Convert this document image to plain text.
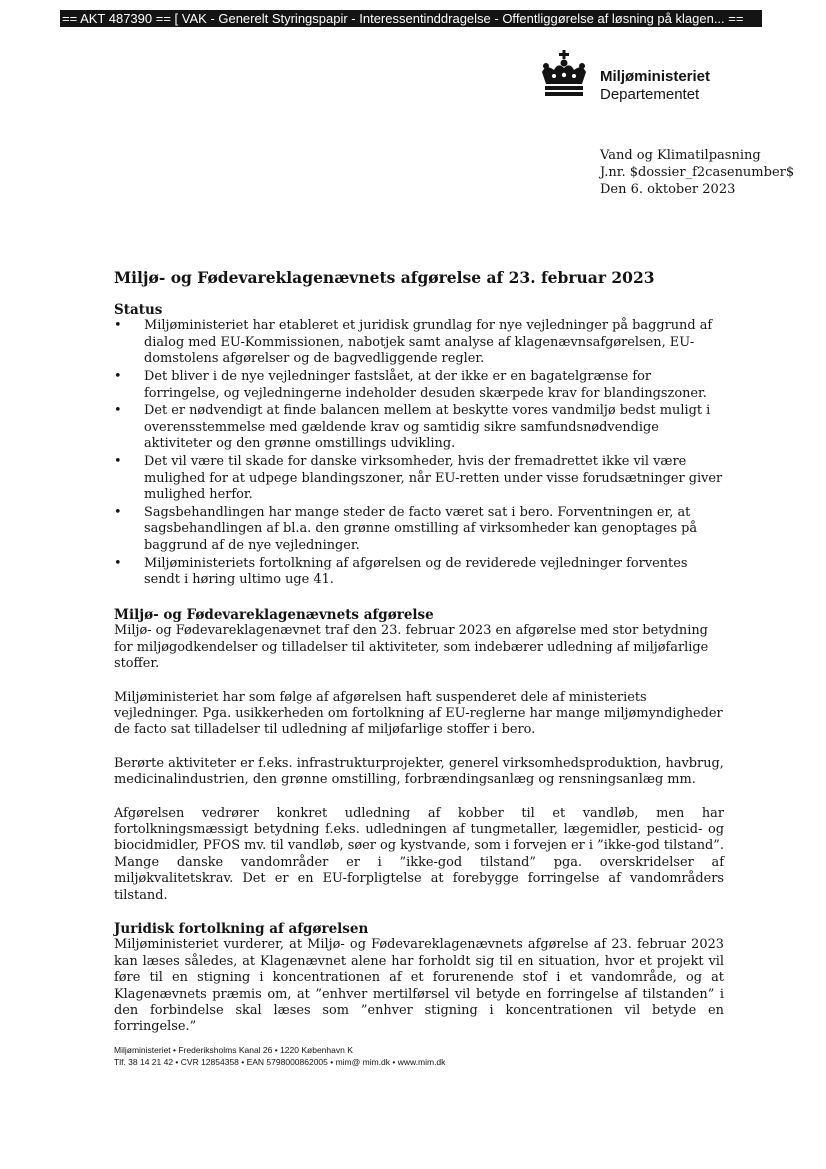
== AKT 487390 == [ VAK - Generelt Styringspapir - Interessentinddragelse - Offentliggørelse af løsning på klagen... ==
Miljøministeriet
Departementet
Vand og Klimatilpasning
J.nr. $dossier_f2casenumber$
Den 6. oktober 2023
Miljø- og Fødevareklagenævnets afgørelse af 23. februar 2023
Status
• Miljøministeriet har etableret et juridisk grundlag for nye vejledninger på baggrund af dialog med EU-Kommissionen, nabotjek samt analyse af klagenævnsafgørelsen, EU-domstolens afgørelser og de bagvedliggende regler.
• Det bliver i de nye vejledninger fastslået, at der ikke er en bagatelgrænse for forringelse, og vejledningerne indeholder desuden skærpede krav for blandingszoner.
• Det er nødvendigt at finde balancen mellem at beskytte vores vandmiljø bedst muligt i overensstemmelse med gældende krav og samtidig sikre samfundsnødvendige aktiviteter og den grønne omstillings udvikling.
• Det vil være til skade for danske virksomheder, hvis der fremadrettet ikke vil være mulighed for at udpege blandingszoner, når EU-retten under visse forudsætninger giver mulighed herfor.
• Sagsbehandlingen har mange steder de facto været sat i bero. Forventningen er, at sagsbehandlingen af bl.a. den grønne omstilling af virksomheder kan genoptages på baggrund af de nye vejledninger.
• Miljøministeriets fortolkning af afgørelsen og de reviderede vejledninger forventes sendt i høring ultimo uge 41.
Miljø- og Fødevareklagenævnets afgørelse

Miljø- og Fødevareklagenævnet traf den 23. februar 2023 en afgørelse med stor betydning for miljøgodkendelser og tilladelser til aktiviteter, som indebærer udledning af miljøfarlige stoffer.

Miljøministeriet har som følge af afgørelsen haft suspenderet dele af ministeriets vejledninger. Pga. usikkerheden om fortolkning af EU-reglerne har mange miljømyndigheder de facto sat tilladelser til udledning af miljøfarlige stoffer i bero.

Berørte aktiviteter er f.eks. infrastrukturprojekter, generel virksomhedsproduktion, havbrug, medicinalindustrien, den grønne omstilling, forbrændingsanlæg og rensningsanlæg mm.

Afgørelsen vedrører konkret udledning af kobber til et vandløb, men har fortolkningsmæssigt betydning f.eks. udledningen af tungmetaller, lægemidler, pesticid- og biocidmidler, PFOS mv. til vandløb, søer og kystvande, som i forvejen er i ”ikke-god tilstand”. Mange danske vandområder er i ”ikke-god tilstand” pga. overskridelser af miljøkvalitetskrav. Det er en EU-forpligtelse at forebygge forringelse af vandområders tilstand.

Juridisk fortolkning af afgørelsen

Miljøministeriet vurderer, at Miljø- og Fødevareklagenævnets afgørelse af 23. februar 2023 kan læses således, at Klagenævnet alene har forholdt sig til en situation, hvor et projekt vil føre til en stigning i koncentrationen af et forurenende stof i et vandområde, og at Klagenævnets præmis om, at ”enhver mertilførsel vil betyde en forringelse af tilstanden” i den forbindelse skal læses som ”enhver stigning i koncentrationen vil betyde en forringelse.”

Miljøministeriet • Frederiksholms Kanal 26 • 1220 København K
Tlf. 38 14 21 42 • CVR 12854358 • EAN 5798000862005 • mim@ mim.dk • www.mim.dk
